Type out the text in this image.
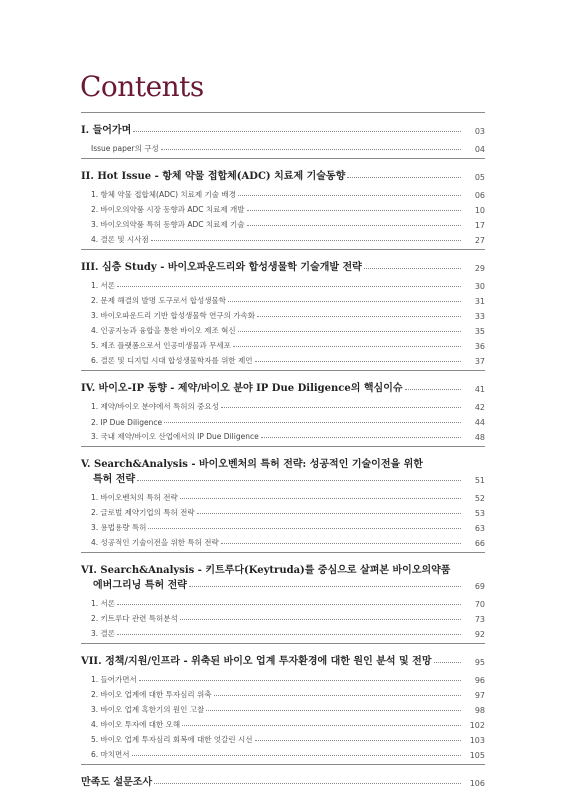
Contents
I. 들어가며	03
Issue paper의 구성	04
II. Hot Issue - 항체 약물 접합체(ADC) 치료제 기술동향	05
1. 항체 약물 접합체(ADC) 치료제 기술 배경	06
2. 바이오의약품 시장 동향과 ADC 치료제 개발	10
3. 바이오의약품 특허 동향과 ADC 치료제 기술	17
4. 결론 및 시사점	27
III. 심층 Study - 바이오파운드리와 합성생물학 기술개발 전략	29
1. 서론	30
2. 문제 해결의 발명 도구로서 합성생물학	31
3. 바이오파운드리 기반 합성생물학 연구의 가속화	33
4. 인공지능과 융합을 통한 바이오 제조 혁신	35
5. 제조 플랫폼으로서 인공미생물과 무세포	36
6. 결론 및 디지털 시대 합성생물학자를 위한 제언	37
IV. 바이오-IP 동향 - 제약/바이오 분야 IP Due Diligence의 핵심이슈	41
1. 제약/바이오 분야에서 특허의 중요성	42
2. IP Due Diligence	44
3. 국내 제약/바이오 산업에서의 IP Due Diligence	48
V. Search&Analysis - 바이오벤처의 특허 전략: 성공적인 기술이전을 위한
특허 전략	51
1. 바이오벤처의 특허 전략	52
2. 글로벌 제약기업의 특허 전략	53
3. 용법용량 특허	63
4. 성공적인 기술이전을 위한 특허 전략	66
VI. Search&Analysis - 키트루다(Keytruda)를 중심으로 살펴본 바이오의약품
에버그리닝 특허 전략	69
1. 서론	70
2. 키트루다 관련 특허분석	73
3. 결론	92
VII. 정책/지원/인프라 - 위축된 바이오 업계 투자환경에 대한 원인 분석 및 전망	95
1. 들어가면서	96
2. 바이오 업계에 대한 투자심리 위축	97
3. 바이오 업계 혹한기의 원인 고찰	98
4. 바이오 투자에 대한 오해	102
5. 바이오 업계 투자심리 회복에 대한 엇갈린 시선	103
6. 마치면서	105
만족도 설문조사	106
